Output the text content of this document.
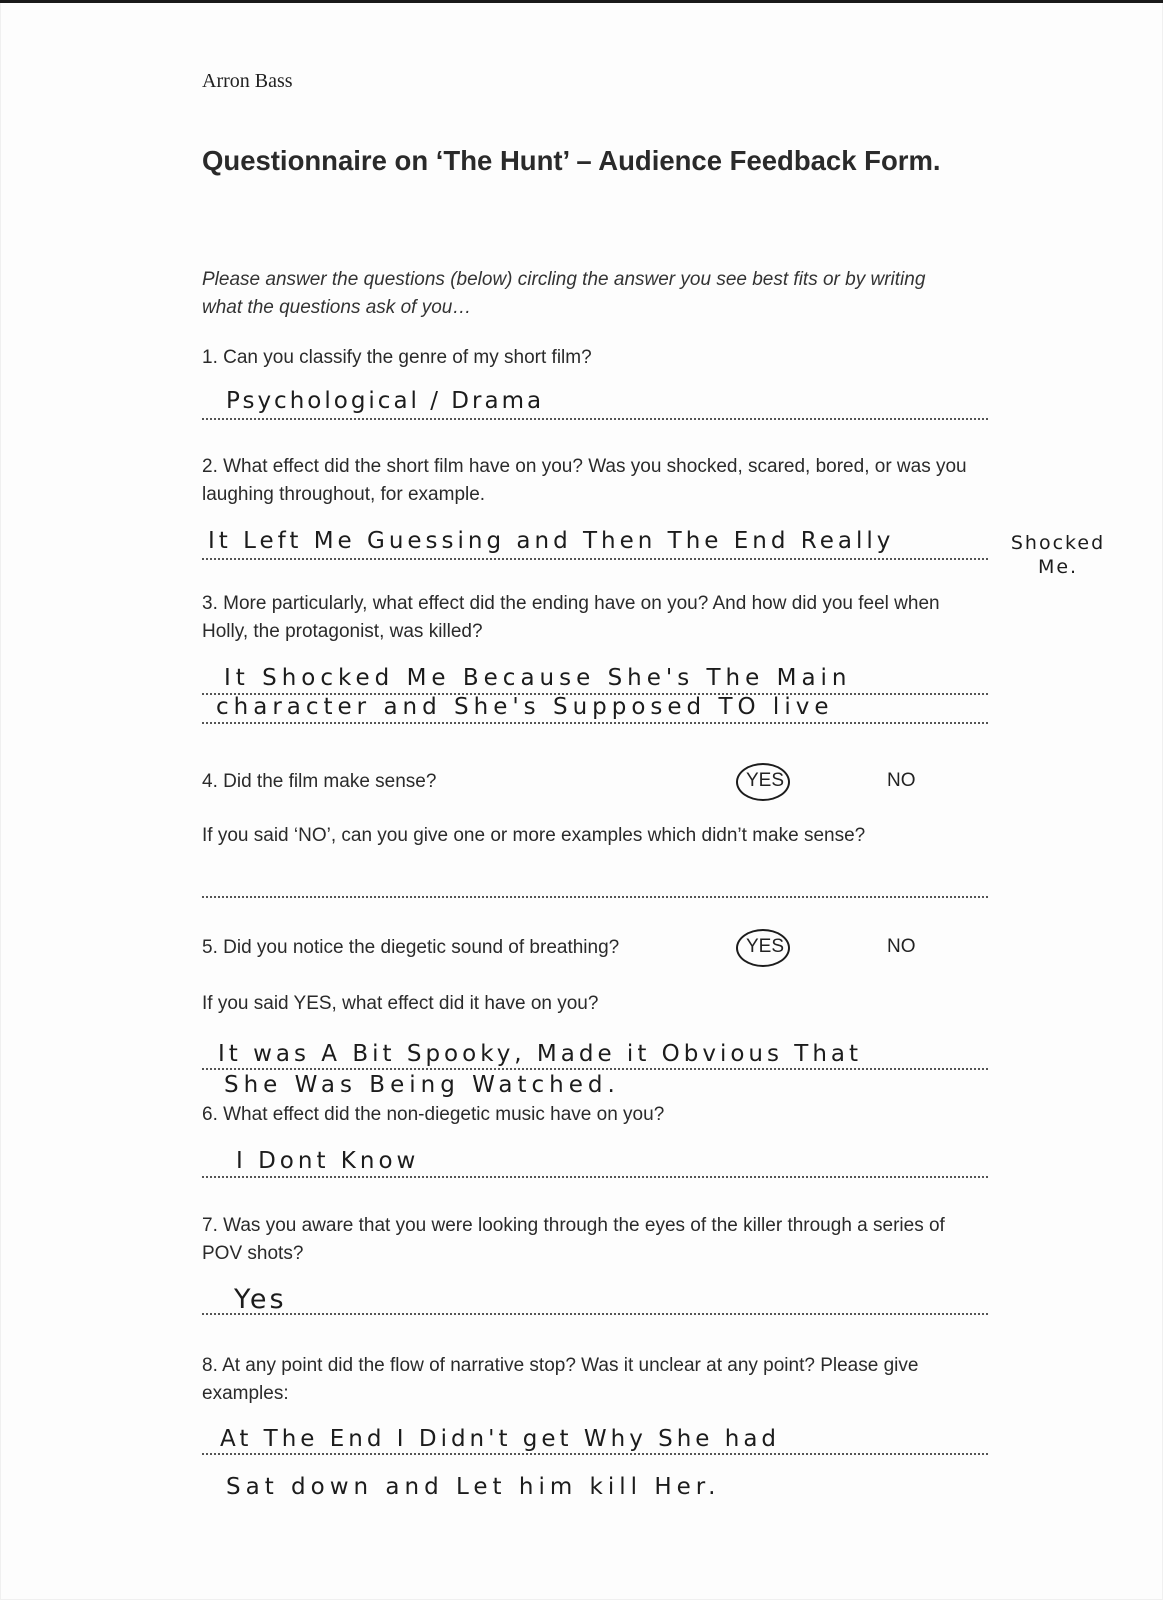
Arron Bass
Questionnaire on ‘The Hunt’ – Audience Feedback Form.
Please answer the questions (below) circling the answer you see best fits or by writing what the questions ask of you…
1. Can you classify the genre of my short film?
Psychological / Drama
2. What effect did the short film have on you? Was you shocked, scared, bored, or was you laughing throughout, for example.
It Left Me Guessing and Then The End Really	Shocked Me.
3. More particularly, what effect did the ending have on you? And how did you feel when Holly, the protagonist, was killed?
It Shocked Me Because She's The Main
character and She's Supposed TO live
4. Did the film make sense?	YES	NO
If you said ‘NO’, can you give one or more examples which didn’t make sense?
5. Did you notice the diegetic sound of breathing?	YES	NO
If you said YES, what effect did it have on you?
It was A Bit Spooky, Made it Obvious That
She Was Being Watched.
6. What effect did the non-diegetic music have on you?
I Dont Know
7. Was you aware that you were looking through the eyes of the killer through a series of POV shots?
Yes
8. At any point did the flow of narrative stop? Was it unclear at any point? Please give examples:
At The End I Didn't get Why She had
Sat down and Let him kill Her.
